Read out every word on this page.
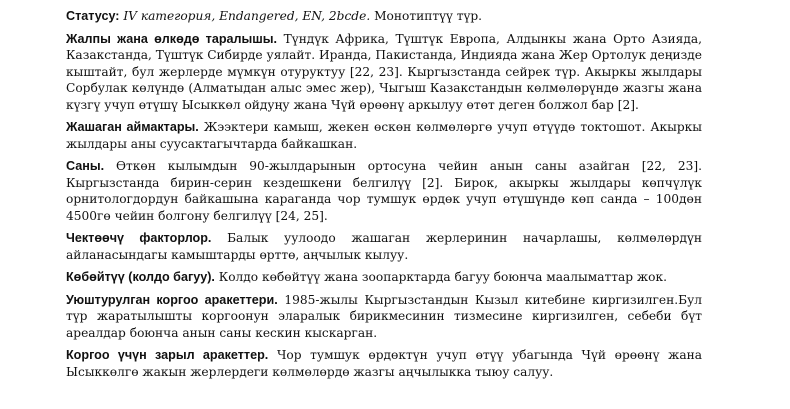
Статусу: IV категория, Endangered, EN, 2bcde. Монотиптүү түр.

Жалпы жана өлкөдө таралышы. Түндүк Африка, Түштүк Европа, Алдынкы жана Орто Азияда, Казакстанда, Түштүк Сибирде уялайт. Иранда, Пакистанда, Индияда жана Жер Ортолук деңизде кыштайт, бул жерлерде мүмкүн отуруктуу [22, 23]. Кыргызстанда сейрек түр. Акыркы жылдары Сорбулак көлүндө (Алматыдан алыс эмес жер), Чыгыш Казакстандын көлмөлөрүндө жазгы жана күзгү учуп өтүшү Ысыккөл ойдуңу жана Чүй өрөөнү аркылуу өтөт деген болжол бар [2].

Жашаган аймактары. Жээктери камыш, жекен өскөн көлмөлөргө учуп өтүүдө токтошот. Акыркы жылдары аны суусактагычтарда байкашкан.

Саны. Өткөн кылымдын 90-жылдарынын ортосуна чейин анын саны азайган [22, 23]. Кыргызстанда бирин-серин кездешкени белгилүү [2]. Бирок, акыркы жылдары көпчүлүк орнитологдордун байкашына караганда чор тумшук өрдөк учуп өтүшүндө көп санда – 100дөн 4500гө чейин болгону белгилүү [24, 25].

Чектөөчү факторлор. Балык уулоодо жашаган жерлеринин начарлашы, көлмөлөрдүн айланасындагы камыштарды өрттө, аңчылык кылуу.

Көбөйтүү (колдо багуу). Колдо көбөйтүү жана зоопарктарда багуу боюнча маалыматтар жок.

Уюштурулган коргоо аракеттери. 1985-жылы Кыргызстандын Кызыл китебине киргизилген.Бул түр жаратылышты коргоонун эларалык бирикмесинин тизмесине киргизилген, себеби бүт ареалдар боюнча анын саны кескин кыскарган.

Коргоо үчүн зарыл аракеттер. Чор тумшук өрдөктүн учуп өтүү убагында Чүй өрөөнү жана Ысыккөлгө жакын жерлердеги көлмөлөрдө жазгы аңчылыкка тыюу салуу.
